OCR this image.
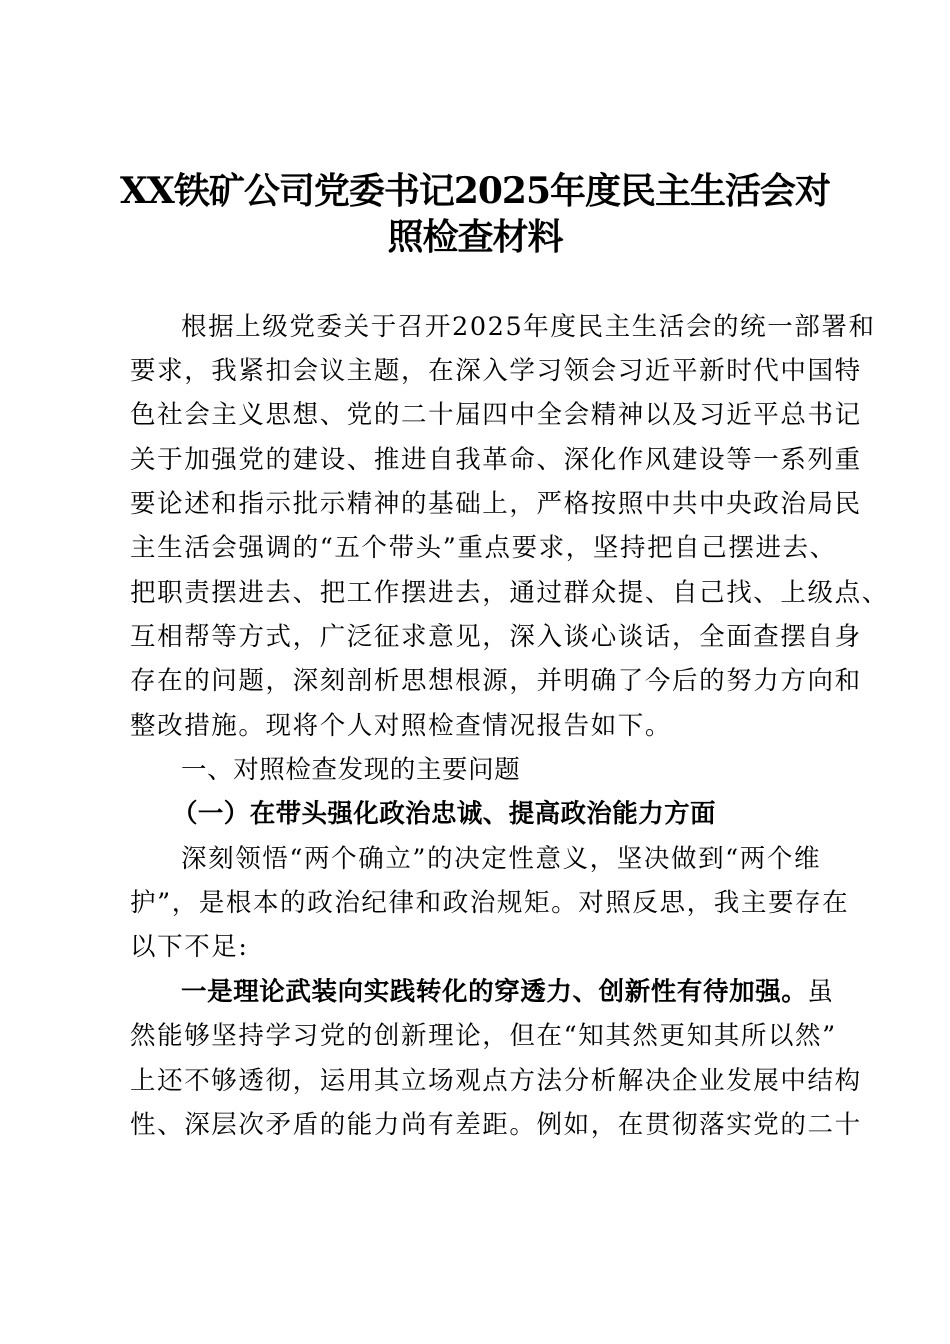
XX铁矿公司党委书记2025年度民主生活会对
照检查材料
根据上级党委关于召开2025年度民主生活会的统一部署和
要求，我紧扣会议主题，在深入学习领会习近平新时代中国特
色社会主义思想、党的二十届四中全会精神以及习近平总书记
关于加强党的建设、推进自我革命、深化作风建设等一系列重
要论述和指示批示精神的基础上，严格按照中共中央政治局民
主生活会强调的“五个带头”重点要求，坚持把自己摆进去、
把职责摆进去、把工作摆进去，通过群众提、自己找、上级点、
互相帮等方式，广泛征求意见，深入谈心谈话，全面查摆自身
存在的问题，深刻剖析思想根源，并明确了今后的努力方向和
整改措施。现将个人对照检查情况报告如下。
一、对照检查发现的主要问题
（一）在带头强化政治忠诚、提高政治能力方面
深刻领悟“两个确立”的决定性意义，坚决做到“两个维
护”，是根本的政治纪律和政治规矩。对照反思，我主要存在
以下不足:
一是理论武装向实践转化的穿透力、创新性有待加强。虽
然能够坚持学习党的创新理论，但在“知其然更知其所以然”
上还不够透彻，运用其立场观点方法分析解决企业发展中结构
性、深层次矛盾的能力尚有差距。例如，在贯彻落实党的二十
